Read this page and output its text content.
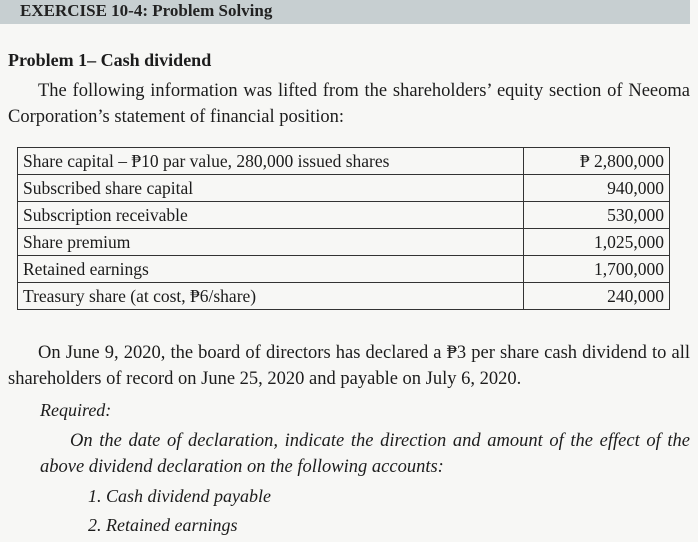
EXERCISE 10-4: Problem Solving
Problem 1– Cash dividend
The following information was lifted from the shareholders’ equity section of Neeoma Corporation’s statement of financial position:
Share capital – ₱10 par value, 280,000 issued shares	₱ 2,800,000
Subscribed share capital	940,000
Subscription receivable	530,000
Share premium	1,025,000
Retained earnings	1,700,000
Treasury share (at cost, ₱6/share)	240,000
On June 9, 2020, the board of directors has declared a ₱3 per share cash dividend to all shareholders of record on June 25, 2020 and payable on July 6, 2020.
Required:
On the date of declaration, indicate the direction and amount of the effect of the above dividend declaration on the following accounts:
1. Cash dividend payable
2. Retained earnings
